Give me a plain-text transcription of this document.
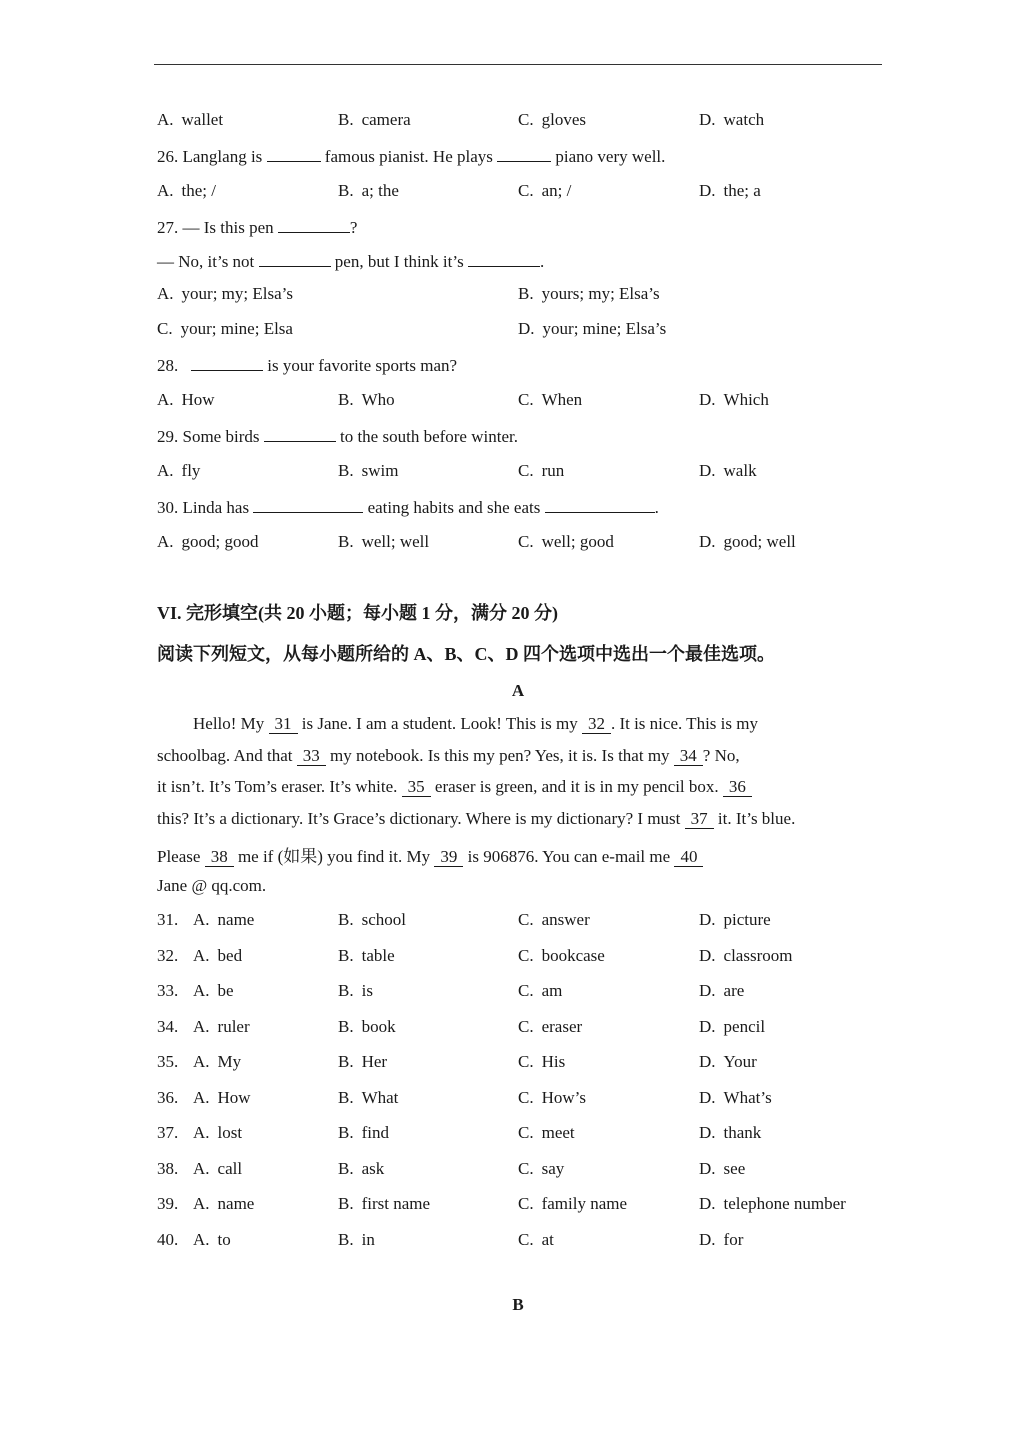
A. wallet	B. camera	C. gloves	D. watch
26. Langlang is	famous pianist. He plays	piano very well.
A. the; /	B. a; the	C. an; /	D. the; a
27. — Is this pen	?
— No, it’s not	pen, but I think it’s	.
A. your; my; Elsa’s	B. yours; my; Elsa’s
C. your; mine; Elsa	D. your; mine; Elsa’s
28.	is your favorite sports man?
A. How	B. Who	C. When	D. Which
29. Some birds	to the south before winter.
A. fly	B. swim	C. run	D. walk
30. Linda has	eating habits and she eats	.
A. good; good	B. well; well	C. well; good	D. good; well
VI. 完形填空(共 20 小题；每小题 1 分，满分 20 分)
阅读下列短文，从每小题所给的 A、B、C、D 四个选项中选出一个最佳选项。
A
Hello! My 31 is Jane. I am a student. Look! This is my 32 . It is nice. This is my
schoolbag. And that 33 my notebook. Is this my pen? Yes, it is. Is that my 34 ? No,
it isn’t. It’s Tom’s eraser. It’s white. 35 eraser is green, and it is in my pencil box. 36
this? It’s a dictionary. It’s Grace’s dictionary. Where is my dictionary? I must 37 it. It’s blue.
Please 38 me if (如果) you find it. My 39 is 906876. You can e-mail me 40
Jane @ qq.com.
31. A. name	B. school	C. answer	D. picture
32. A. bed	B. table	C. bookcase	D. classroom
33. A. be	B. is	C. am	D. are
34. A. ruler	B. book	C. eraser	D. pencil
35. A. My	B. Her	C. His	D. Your
36. A. How	B. What	C. How’s	D. What’s
37. A. lost	B. find	C. meet	D. thank
38. A. call	B. ask	C. say	D. see
39. A. name	B. first name	C. family name	D. telephone number
40. A. to	B. in	C. at	D. for
B
